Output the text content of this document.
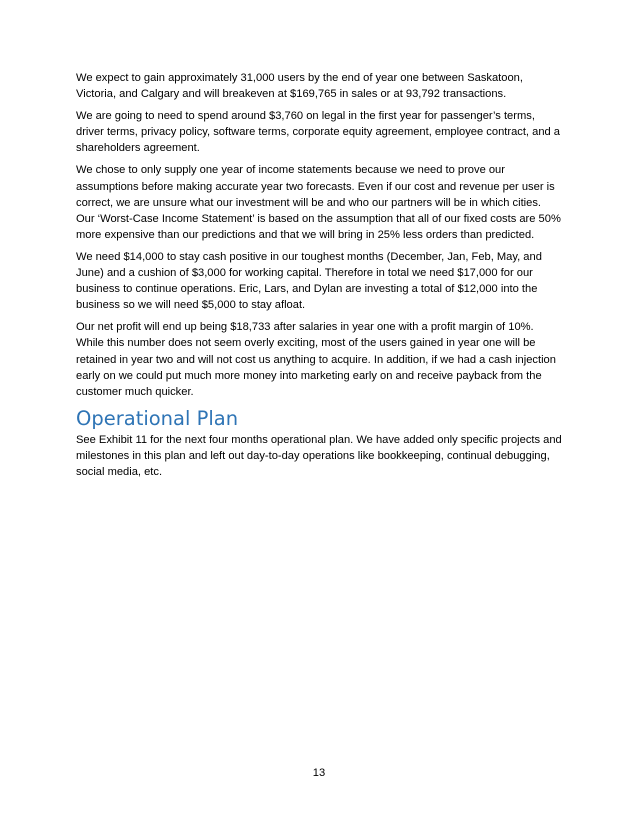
We expect to gain approximately 31,000 users by the end of year one between Saskatoon, Victoria, and Calgary and will breakeven at $169,765 in sales or at 93,792 transactions.

We are going to need to spend around $3,760 on legal in the first year for passenger’s terms, driver terms, privacy policy, software terms, corporate equity agreement, employee contract, and a shareholders agreement.

We chose to only supply one year of income statements because we need to prove our assumptions before making accurate year two forecasts. Even if our cost and revenue per user is correct, we are unsure what our investment will be and who our partners will be in which cities. Our ‘Worst-Case Income Statement’ is based on the assumption that all of our fixed costs are 50% more expensive than our predictions and that we will bring in 25% less orders than predicted.

We need $14,000 to stay cash positive in our toughest months (December, Jan, Feb, May, and June) and a cushion of $3,000 for working capital. Therefore in total we need $17,000 for our business to continue operations. Eric, Lars, and Dylan are investing a total of $12,000 into the business so we will need $5,000 to stay afloat.

Our net profit will end up being $18,733 after salaries in year one with a profit margin of 10%. While this number does not seem overly exciting, most of the users gained in year one will be retained in year two and will not cost us anything to acquire. In addition, if we had a cash injection early on we could put much more money into marketing early on and receive payback from the customer much quicker.

Operational Plan

See Exhibit 11 for the next four months operational plan. We have added only specific projects and milestones in this plan and left out day-to-day operations like bookkeeping, continual debugging, social media, etc.

13
